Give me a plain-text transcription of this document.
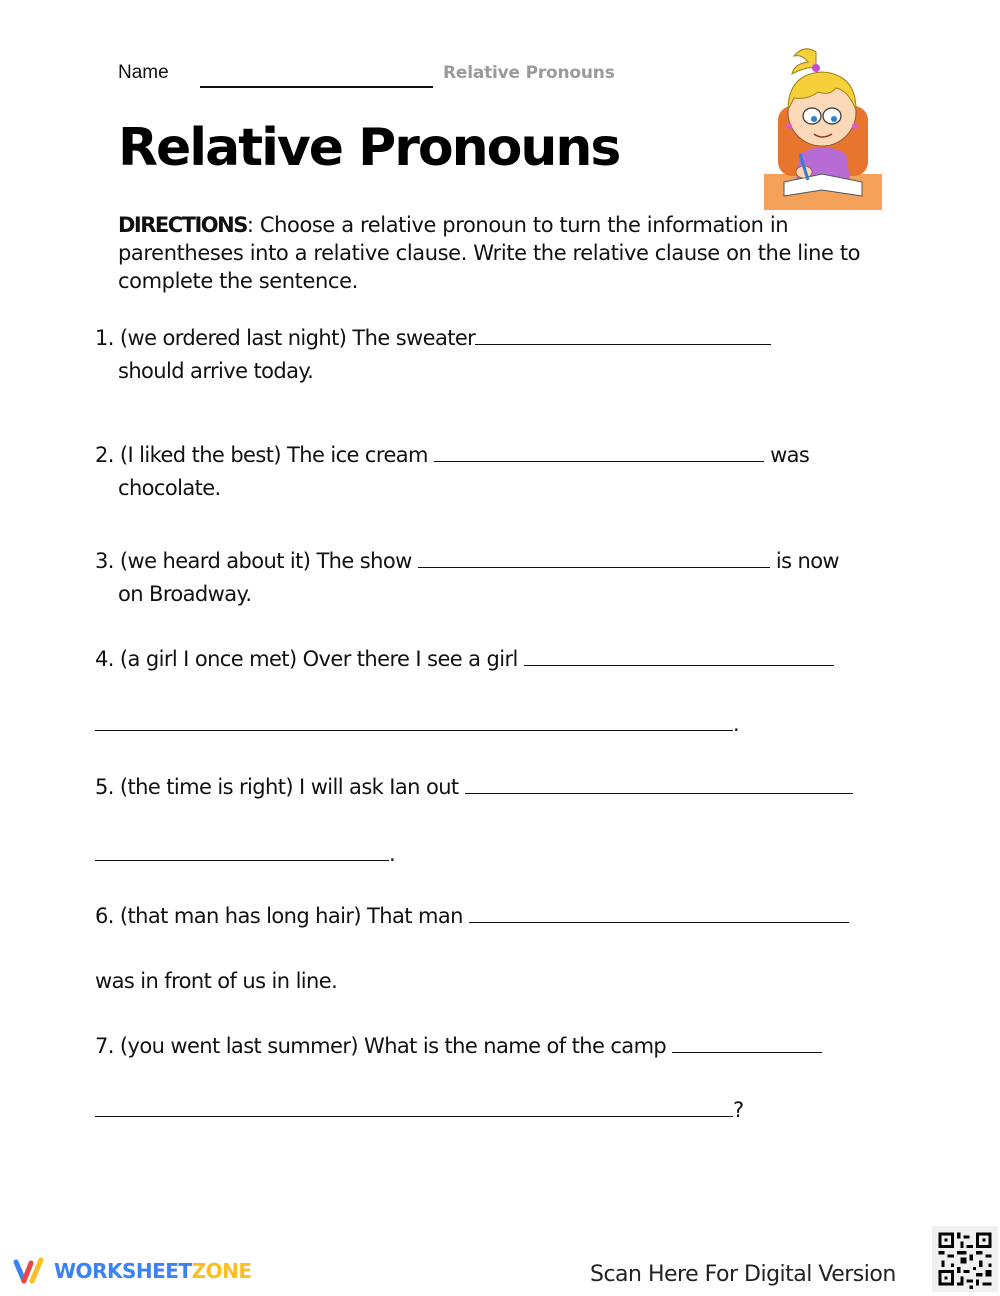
Name	Relative Pronouns
Relative Pronouns
DIRECTIONS: Choose a relative pronoun to turn the information in parentheses into a relative clause. Write the relative clause on the line to complete the sentence.
1. (we ordered last night) The sweater
should arrive today.
2. (I liked the best) The ice cream	was
chocolate.
3. (we heard about it) The show	is now
on Broadway.
4. (a girl I once met) Over there I see a girl
.
5. (the time is right) I will ask Ian out
.
6. (that man has long hair) That man
was in front of us in line.
7. (you went last summer) What is the name of the camp
?
WORKSHEETZONE	Scan Here For Digital Version
